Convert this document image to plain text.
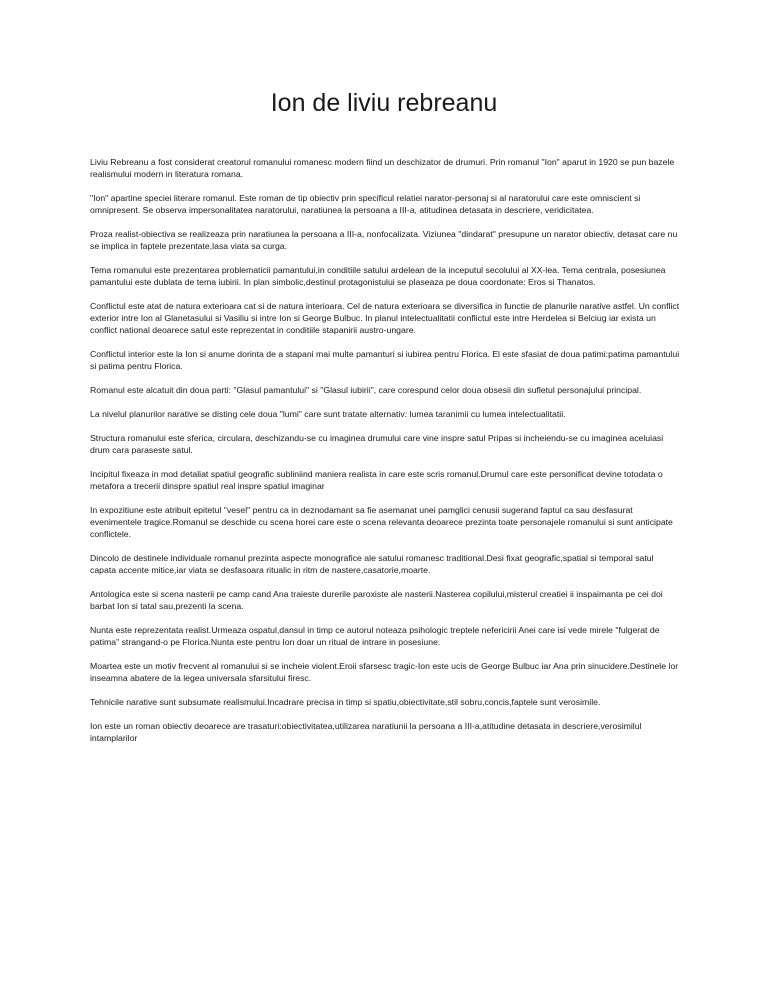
Ion de liviu rebreanu

Liviu Rebreanu a fost considerat creatorul romanului romanesc modern fiind un deschizator de drumuri. Prin romanul "Ion" aparut in 1920 se pun bazele realismului modern in literatura romana.

"Ion" apartine speciei literare romanul. Este roman de tip obiectiv prin specificul relatiei narator-personaj si al naratorului care este omniscient si omnipresent. Se observa impersonalitatea naratorului, naratiunea la persoana a III-a, atitudinea detasata in descriere, veridicitatea.

Proza realist-obiectiva se realizeaza prin naratiunea la persoana a III-a, nonfocalizata. Viziunea "dindarat" presupune un narator obiectiv, detasat care nu se implica in faptele prezentate,lasa viata sa curga.

Tema romanului este prezentarea problematicii pamantului,in conditiile satului ardelean de la inceputul secolului al XX-lea. Tema centrala, posesiunea pamantului este dublata de tema iubirii. In plan simbolic,destinul protagonistului se plaseaza pe doua coordonate: Eros si Thanatos.

Conflictul este atat de natura exterioara cat si de natura interioara. Cel de natura exterioara se diversifica in functie de planurile narative astfel. Un conflict exterior intre Ion al Glanetasului si Vasiliu si intre Ion si George Bulbuc. In planul intelectualitatii conflictul este intre Herdelea si Belciug iar exista un conflict national deoarece satul este reprezentat in conditiile stapanirii austro-ungare.

Conflictul interior este la Ion si anume dorinta de a stapani mai multe pamanturi si iubirea pentru Florica. El este sfasiat de doua patimi:patima pamantului si patima pentru Florica.

Romanul este alcatuit din doua parti: "Glasul pamantului" si "Glasul iubirii", care corespund celor doua obsesii din sufletul personajului principal.

La nivelul planurilor narative se disting cele doua "lumi" care sunt tratate alternativ: lumea taranimii cu lumea intelectualitatii.

Structura romanului este sferica, circulara, deschizandu-se cu imaginea drumului care vine inspre satul Pripas si incheiendu-se cu imaginea aceluiasi drum cara paraseste satul.

Incipitul fixeaza in mod detaliat spatiul geografic subliniind maniera realista in care este scris romanul.Drumul care este personificat devine totodata o metafora a trecerii dinspre spatiul real inspre spatiul imaginar

In expozitiune este atribuit epitetul "vesel" pentru ca in deznodamant sa fie asemanat unei pamglici cenusii sugerand faptul ca sau desfasurat evenimentele tragice.Romanul se deschide cu scena horei care este o scena relevanta deoarece prezinta toate personajele romanului si sunt anticipate conflictele.

Dincolo de destinele individuale romanul prezinta aspecte monografice ale satului romanesc traditional.Desi fixat geografic,spatial si temporal satul capata accente mitice,iar viata se desfasoara ritualic in ritm de nastere,casatorie,moarte.

Antologica este si scena nasterii pe camp cand Ana traieste durerile paroxiste ale nasterii.Nasterea copilului,misterul creatiei ii inspaimanta pe cei doi barbat Ion si tatal sau,prezenti la scena.

Nunta este reprezentata realist.Urmeaza ospatul,dansul in timp ce autorul noteaza psihologic treptele nefericirii Anei care isi vede mirele "fulgerat de patima" strangand-o pe Florica.Nunta este pentru Ion doar un ritual de intrare in posesiune.

Moartea este un motiv frecvent al romanului si se incheie violent.Eroii sfarsesc tragic-Ion este ucis de George Bulbuc iar Ana prin sinucidere.Destinele lor inseamna abatere de la legea universala sfarsitului firesc.

Tehnicile narative sunt subsumate realismului.Incadrare precisa in timp si spatiu,obiectivitate,stil sobru,concis,faptele sunt verosimile.

Ion este un roman obiectiv deoarece are trasaturi:obiectivitatea,utilizarea naratiunii la persoana a III-a,atitudine detasata in descriere,verosimilul intamplarilor
